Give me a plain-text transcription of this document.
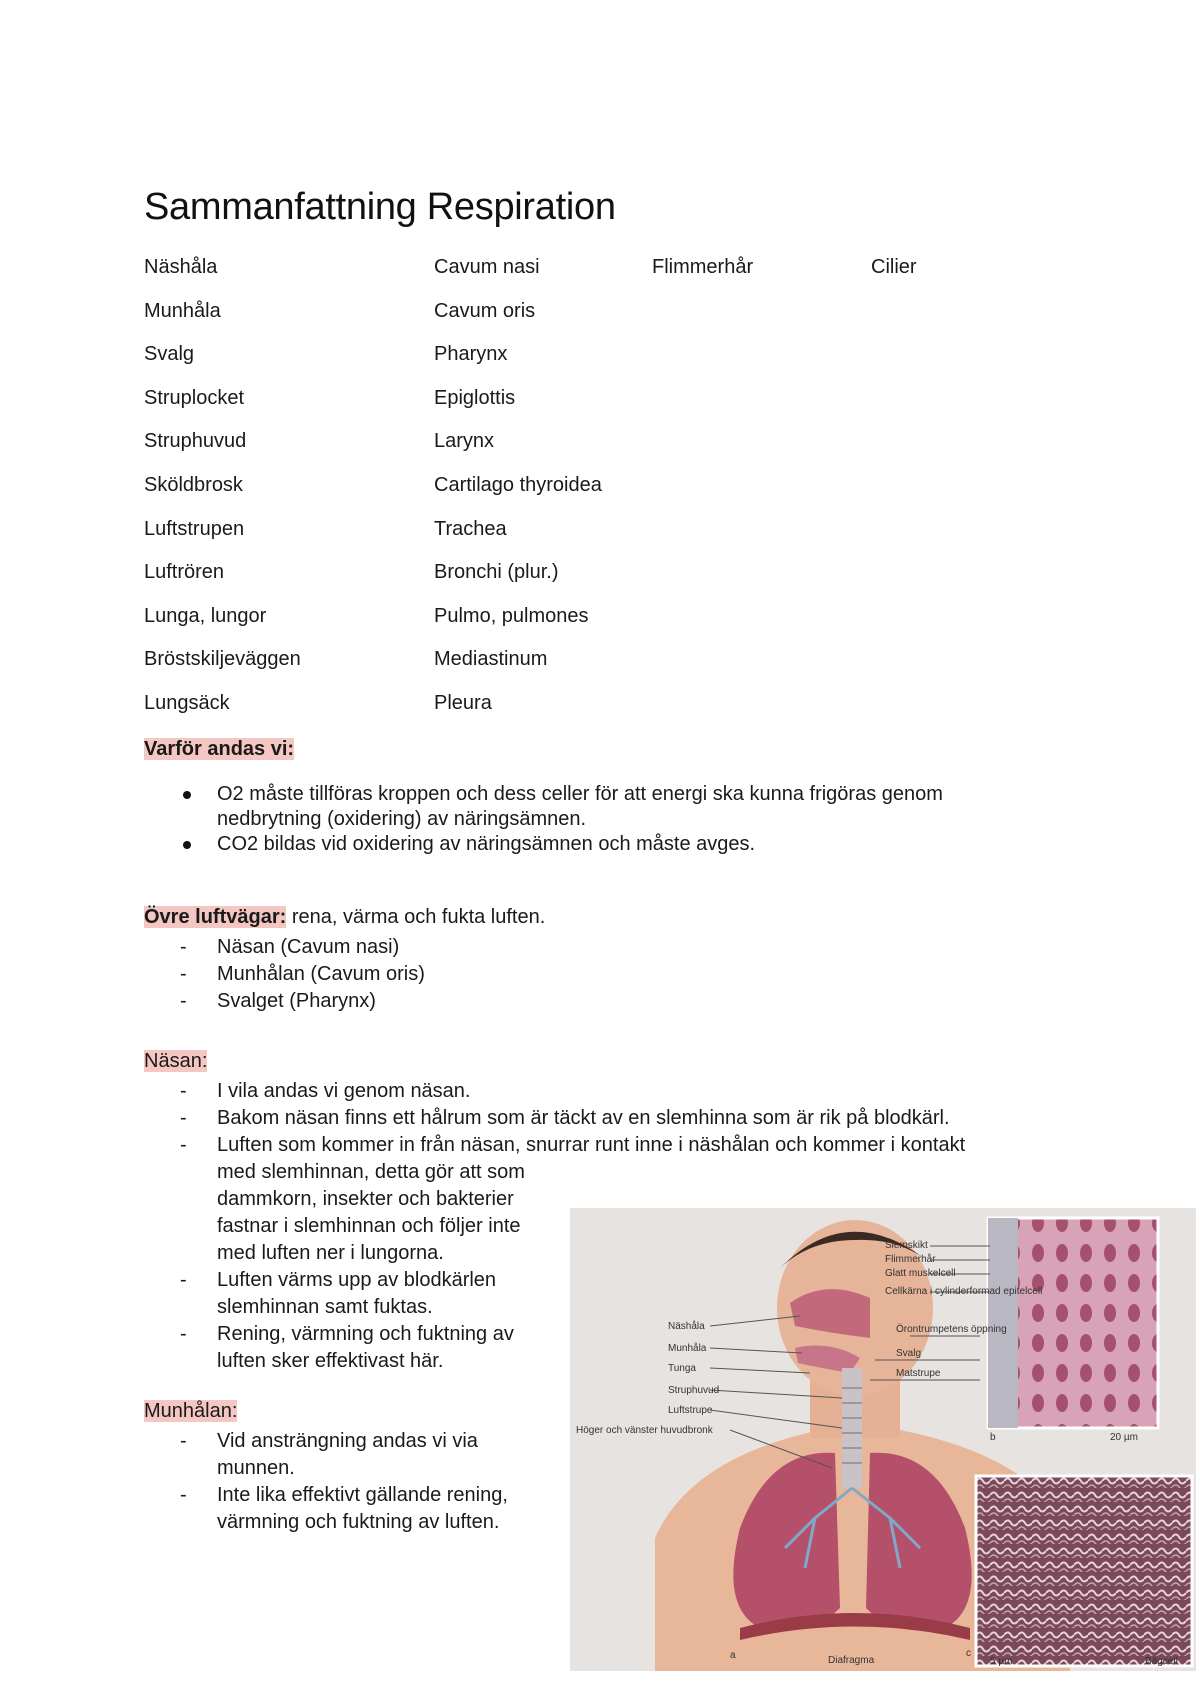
Sammanfattning Respiration
Näshåla	Cavum nasi	Flimmerhår	Cilier
Munhåla	Cavum oris
Svalg	Pharynx
Struplocket	Epiglottis
Struphuvud	Larynx
Sköldbrosk	Cartilago thyroidea
Luftstrupen	Trachea
Luftrören	Bronchi (plur.)
Lunga, lungor	Pulmo, pulmones
Bröstskiljeväggen	Mediastinum
Lungsäck	Pleura
Varför andas vi:
O2 måste tillföras kroppen och dess celler för att energi ska kunna frigöras genom nedbrytning (oxidering) av näringsämnen.
CO2 bildas vid oxidering av näringsämnen och måste avges.
Övre luftvägar: rena, värma och fukta luften.
- Näsan (Cavum nasi)
- Munhålan (Cavum oris)
- Svalget (Pharynx)
Näsan:
- I vila andas vi genom näsan.
- Bakom näsan finns ett hålrum som är täckt av en slemhinna som är rik på blodkärl.
- Luften som kommer in från näsan, snurrar runt inne i näshålan och kommer i kontakt
med slemhinnan, detta gör att som dammkorn, insekter och bakterier fastnar i slemhinnan och följer inte med luften ner i lungorna.
- Luften värms upp av blodkärlen slemhinnan samt fuktas.
- Rening, värmning och fuktning av luften sker effektivast här.
Munhålan:
- Vid ansträngning andas vi via munnen.
- Inte lika effektivt gällande rening, värmning och fuktning av luften.
Näshåla
Munhåla
Tunga
Struphuvud
Luftstrupe
Höger och vänster huvudbronk
Slemskikt
Flimmerhår
Glatt muskelcell
Cellkärna i cylinderformad epitelcell
Örontrumpetens öppning
Svalg
Matstrupe
Diafragma
a
b
c
20 µm
5 µm	Bägcell
